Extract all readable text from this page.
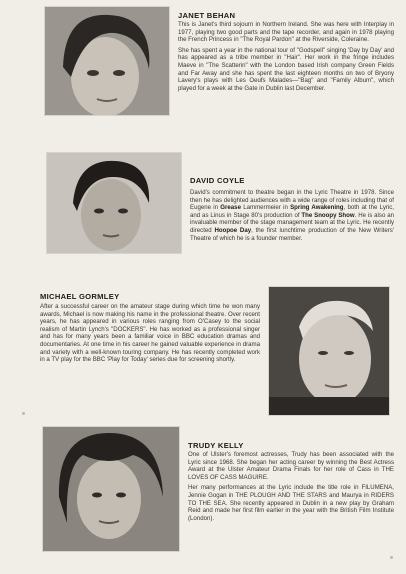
JANET BEHAN

This is Janet's third sojourn in Northern Ireland. She was here with Interplay in 1977, playing two good parts and the tape recorder, and again in 1978 playing the French Princess in "The Royal Pardon" at the Riverside, Coleraine.

She has spent a year in the national tour of "Godspell" singing 'Day by Day' and has appeared as a tribe member in "Hair". Her work in the fringe includes Maeve in "The Scatterin" with the London based Irish company Green Fields and Far Away and she has spent the last eighteen months on two of Bryony Lavery's plays with Les Oeufs Malades—"Bag" and "Family Album", which played for a week at the Gate in Dublin last December.

DAVID COYLE

David's commitment to theatre began in the Lyric Theatre in 1978. Since then he has delighted audiences with a wide range of roles including that of Eugene in Grease Lammermeier in Spring Awakening, both at the Lyric, and as Linus in Stage 80's production of The Snoopy Show. He is also an invaluable member of the stage management team at the Lyric. He recently directed Hoopoe Day, the first lunchtime production of the New Writers' Theatre of which he is a founder member.

MICHAEL GORMLEY

After a successful career on the amateur stage during which time he won many awards, Michael is now making his name in the professional theatre. Over recent years, he has appeared in various roles ranging from O'Casey to the social realism of Martin Lynch's "DOCKERS". He has worked as a professional singer and has for many years been a familiar voice in BBC education dramas and documentaries. At one time in his career he gained valuable experience in drama and variety with a well-known touring company. He has recently completed work in a TV play for the BBC 'Play for Today' series due for screening shortly.

TRUDY KELLY

One of Ulster's foremost actresses, Trudy has been associated with the Lyric since 1968. She began her acting career by winning the Best Actress Award at the Ulster Amateur Drama Finals for her role of Cass in THE LOVES OF CASS MAGUIRE.

Her many performances at the Lyric include the title role in FILUMENA, Jennie Gogan in THE PLOUGH AND THE STARS and Maurya in RIDERS TO THE SEA. She recently appeared in Dublin in a new play by Graham Reid and made her first film earlier in the year with the British Film Institute (London).
